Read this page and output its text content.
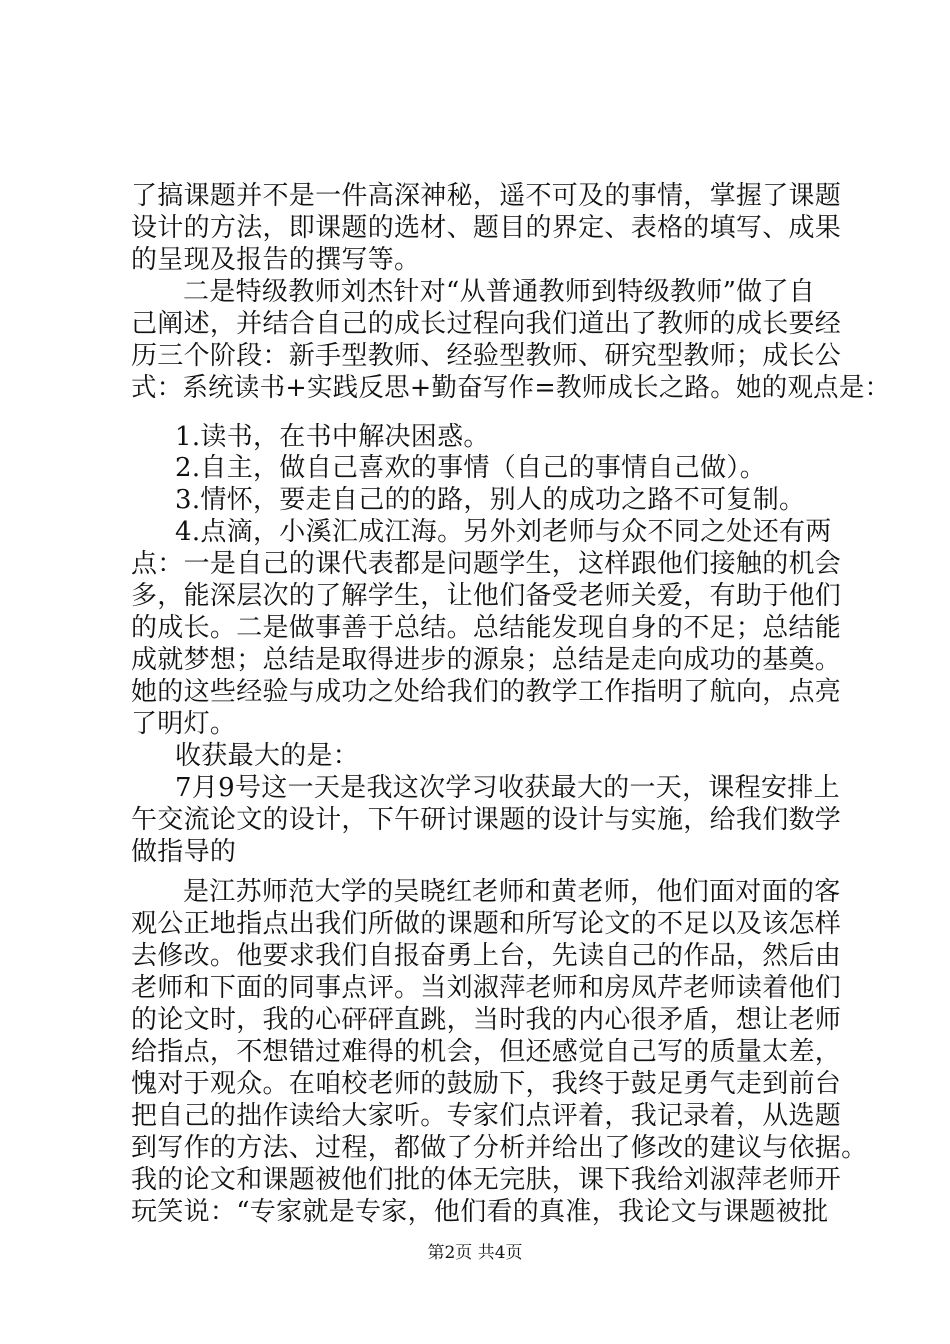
了搞课题并不是一件高深神秘，遥不可及的事情，掌握了课题
设计的方法，即课题的选材、题目的界定、表格的填写、成果
的呈现及报告的撰写等。
二是特级教师刘杰针对“从普通教师到特级教师”做了自
己阐述，并结合自己的成长过程向我们道出了教师的成长要经
历三个阶段：新手型教师、经验型教师、研究型教师；成长公
式：系统读书+实践反思+勤奋写作=教师成长之路。她的观点是：
1.读书，在书中解决困惑。
2.自主，做自己喜欢的事情（自己的事情自己做）。
3.情怀，要走自己的的路，别人的成功之路不可复制。
4.点滴，小溪汇成江海。另外刘老师与众不同之处还有两
点：一是自己的课代表都是问题学生，这样跟他们接触的机会
多，能深层次的了解学生，让他们备受老师关爱，有助于他们
的成长。二是做事善于总结。总结能发现自身的不足；总结能
成就梦想；总结是取得进步的源泉；总结是走向成功的基奠。
她的这些经验与成功之处给我们的教学工作指明了航向，点亮
了明灯。
收获最大的是：
7月9号这一天是我这次学习收获最大的一天，课程安排上
午交流论文的设计，下午研讨课题的设计与实施，给我们数学
做指导的
是江苏师范大学的吴晓红老师和黄老师，他们面对面的客
观公正地指点出我们所做的课题和所写论文的不足以及该怎样
去修改。他要求我们自报奋勇上台，先读自己的作品，然后由
老师和下面的同事点评。当刘淑萍老师和房凤芹老师读着他们
的论文时，我的心砰砰直跳，当时我的内心很矛盾，想让老师
给指点，不想错过难得的机会，但还感觉自己写的质量太差，
愧对于观众。在咱校老师的鼓励下，我终于鼓足勇气走到前台
把自己的拙作读给大家听。专家们点评着，我记录着，从选题
到写作的方法、过程，都做了分析并给出了修改的建议与依据。
我的论文和课题被他们批的体无完肤，课下我给刘淑萍老师开
玩笑说：“专家就是专家，他们看的真准，我论文与课题被批
第2页 共4页
